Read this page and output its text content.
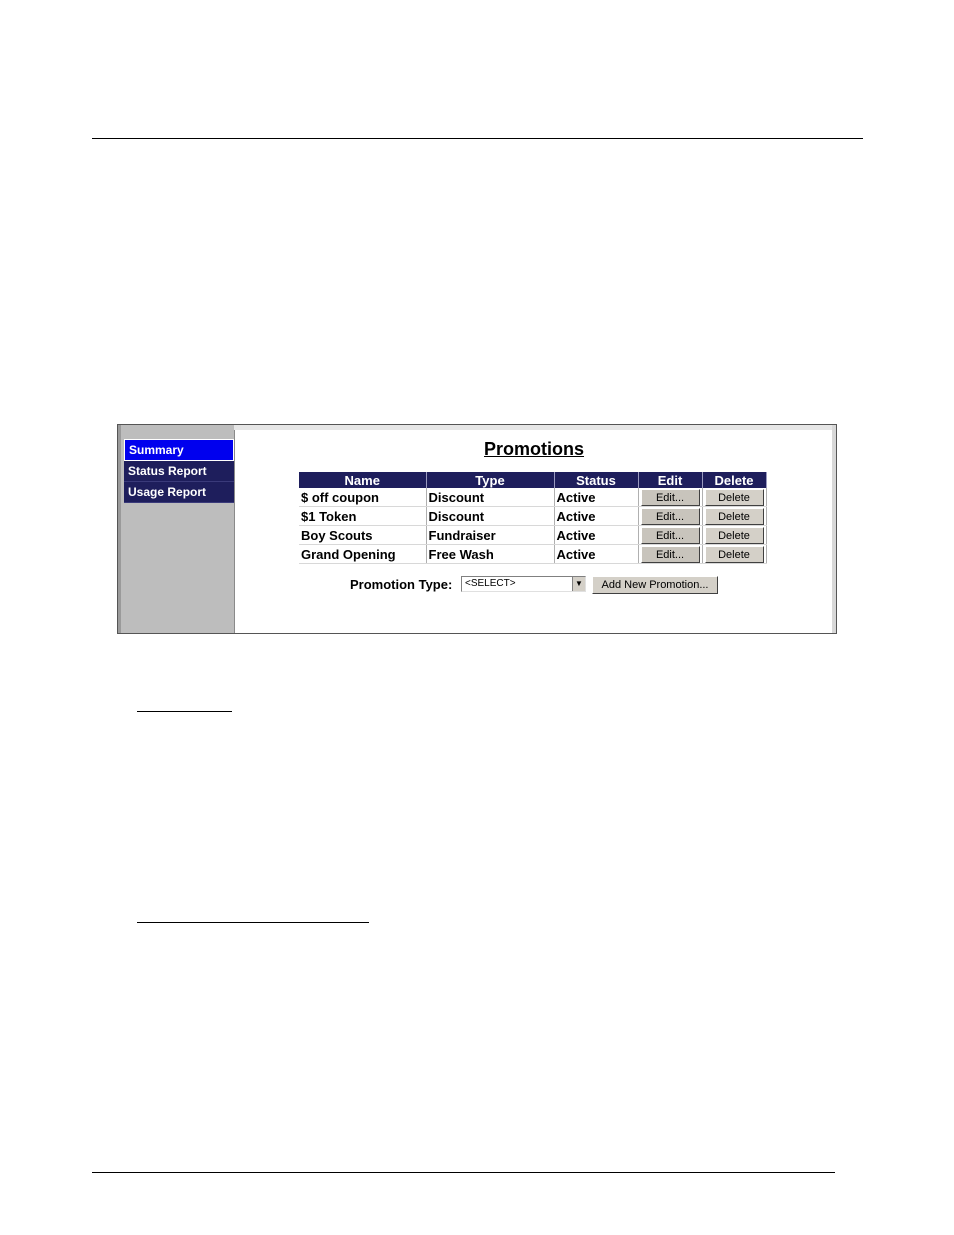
Summary
Status Report
Usage Report
Promotions
Name	Type	Status	Edit	Delete
$ off coupon	Discount	Active	Edit...	Delete

$1 Token	Discount	Active	Edit...	Delete

Boy Scouts	Fundraiser	Active	Edit...	Delete

Grand Opening	Free Wash	Active	Edit...	Delete
Promotion Type:	<SELECT>	▼	Add New Promotion...
